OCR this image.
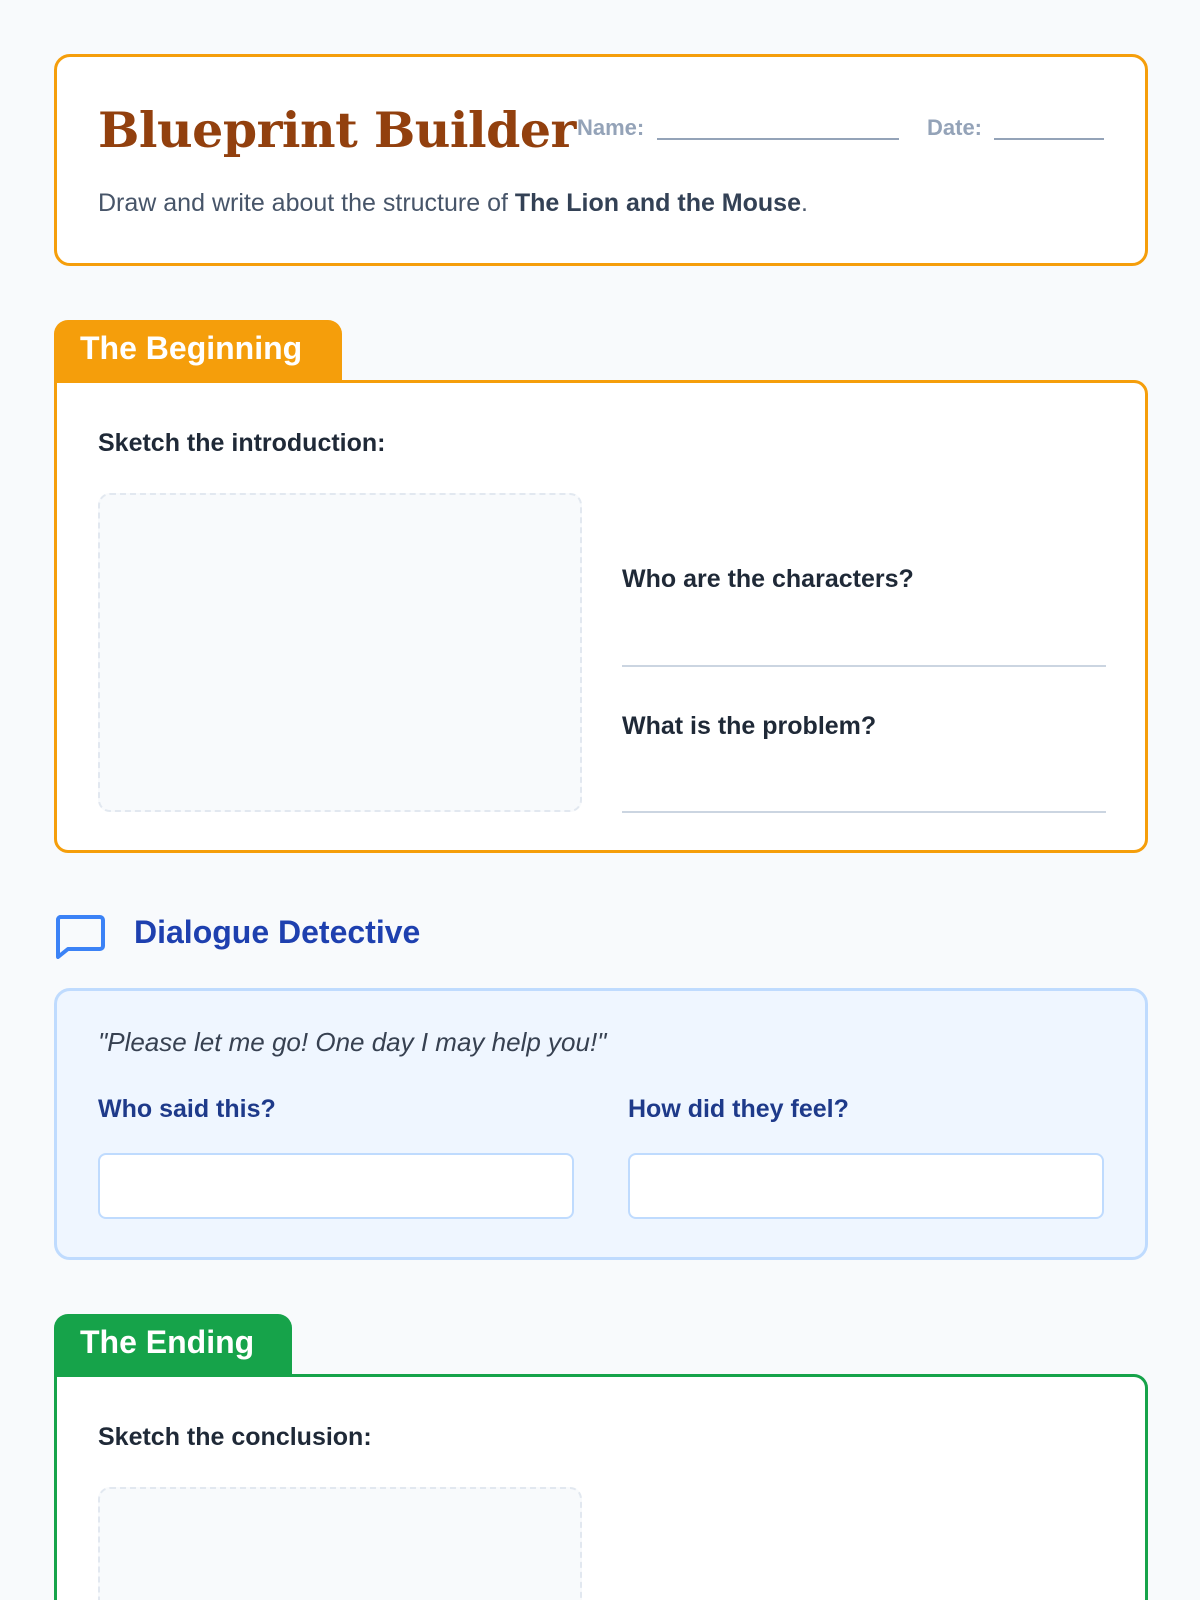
Blueprint Builder Name:	Date:
Draw and write about the structure of The Lion and the Mouse.
The Beginning
Sketch the introduction:
Who are the characters?
What is the problem?
Dialogue Detective
"Please let me go! One day I may help you!"
Who said this?	How did they feel?
The Ending
Sketch the conclusion:
